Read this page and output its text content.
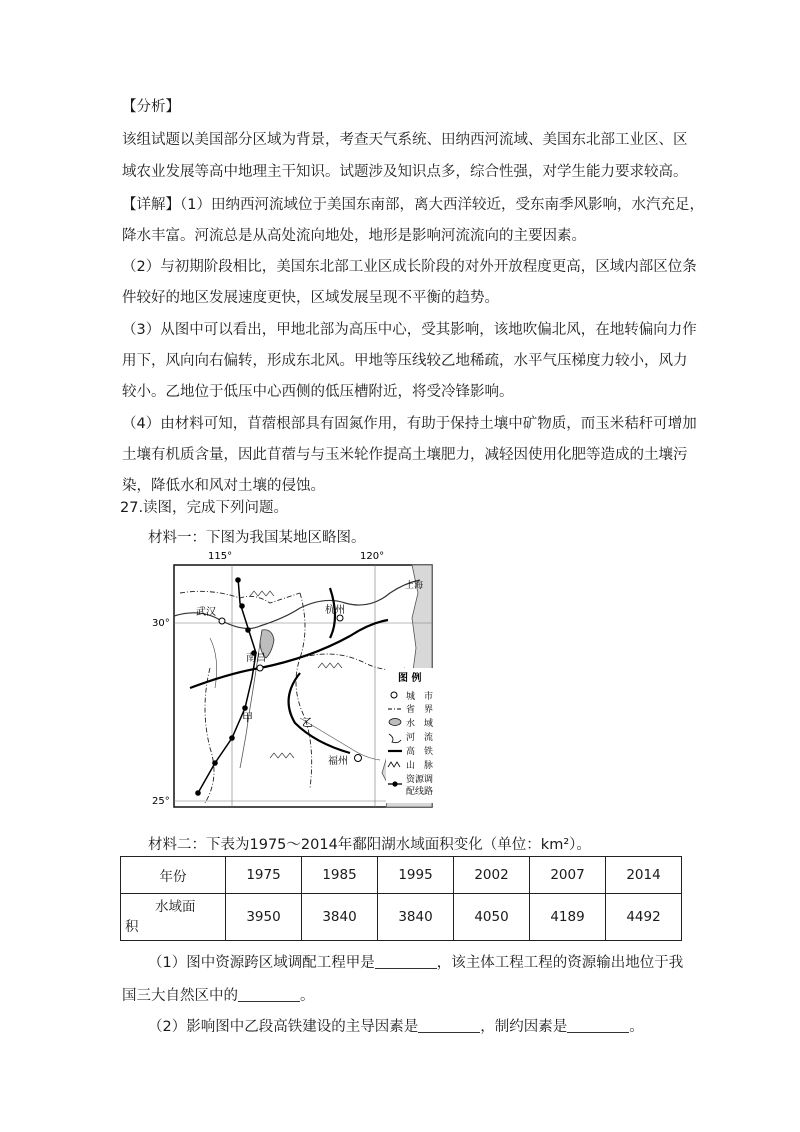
【分析】
该组试题以美国部分区域为背景，考查天气系统、田纳西河流域、美国东北部工业区、区
域农业发展等高中地理主干知识。试题涉及知识点多，综合性强，对学生能力要求较高。
【详解】（1）田纳西河流域位于美国东南部，离大西洋较近，受东南季风影响，水汽充足，
降水丰富。河流总是从高处流向地处，地形是影响河流流向的主要因素。
（2）与初期阶段相比，美国东北部工业区成长阶段的对外开放程度更高，区域内部区位条
件较好的地区发展速度更快，区域发展呈现不平衡的趋势。
（3）从图中可以看出，甲地北部为高压中心，受其影响，该地吹偏北风，在地转偏向力作
用下，风向向右偏转，形成东北风。甲地等压线较乙地稀疏，水平气压梯度力较小，风力
较小。乙地位于低压中心西侧的低压槽附近，将受冷锋影响。
（4）由材料可知，苜蓿根部具有固氮作用，有助于保持土壤中矿物质，而玉米秸秆可增加
土壤有机质含量，因此苜蓿与与玉米轮作提高土壤肥力，减轻因使用化肥等造成的土壤污
染，降低水和风对土壤的侵蚀。
27.读图，完成下列问题。
材料一：下图为我国某地区略图。
115°	120°
30°
25°
武汉	杭州
上海
南昌
福州
甲	乙
图 例
城　市
省　界
水　域
河　流
高　铁
山　脉
资源调
配线路
材料二：下表为1975～2014年鄱阳湖水域面积变化（单位：km²）。
年份	1975	1985	1995	2002	2007	2014

水域面
积	3950	3840	3840	4050	4189	4492
（1）图中资源跨区域调配工程甲是	，该主体工程工程的资源输出地位于我
国三大自然区中的	。
（2）影响图中乙段高铁建设的主导因素是	，制约因素是	。
